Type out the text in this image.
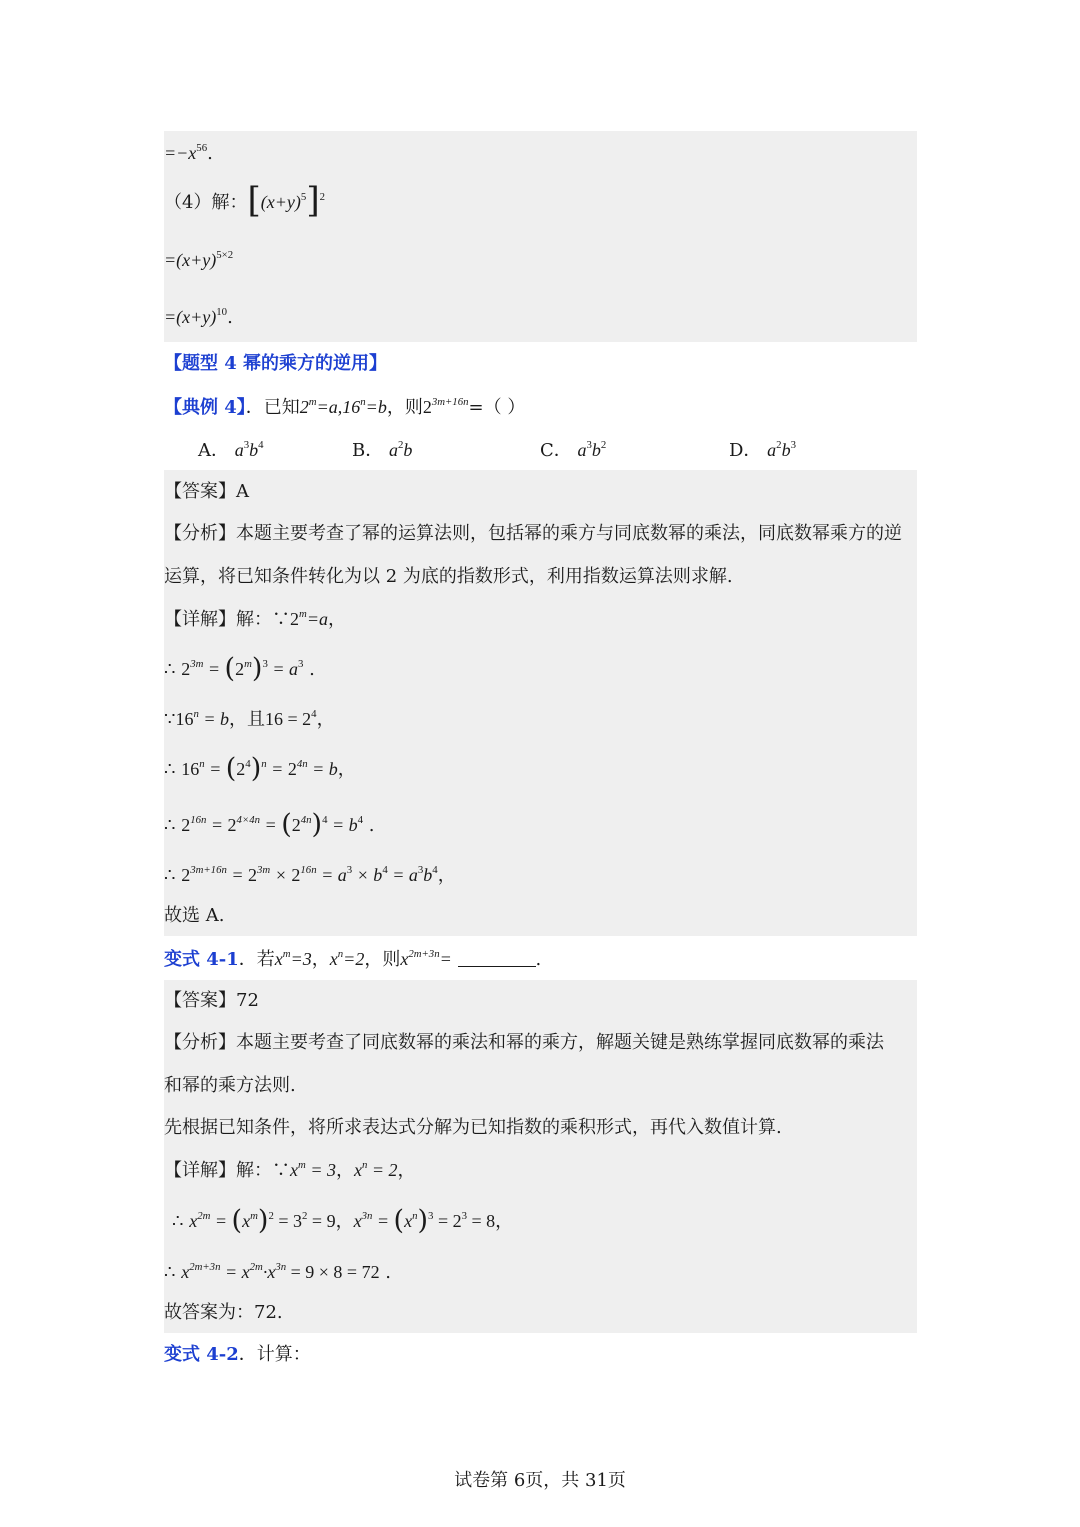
$=-x^{56}$.
（4）解：$[(x+y)^5]^2$
$=(x+y)^{5\times 2}$
$=(x+y)^{10}$.
【题型 4 幂的乘方的逆用】
【典例 4】．已知$2^m=a,16^n=b$，则$2^{3m+16n}=$（ ）
A． $a^3b^4$	B． $a^2b$	C． $a^3b^2$	D． $a^2b^3$
【答案】A
【分析】本题主要考查了幂的运算法则，包括幂的乘方与同底数幂的乘法，同底数幂乘方的逆
运算，将已知条件转化为以 2 为底的指数形式，利用指数运算法则求解.
【详解】解：$\because 2^m=a$，
∴ $2^{3m} = (2^m)^3 = a^3$ .
$\because 16^n = b$，且$16 = 2^4$，
∴ $16^n = (2^4)^n = 2^{4n} = b$，
∴ $2^{16n} = 2^{4\times 4n} = (2^{4n})^4 = b^4$ .
∴ $2^{3m+16n} = 2^{3m} \times 2^{16n} = a^3 \times b^4 = a^3b^4$，
故选 A.
变式 4-1．若$x^m=3$，$x^n=2$，则$x^{2m+3n}=$	.
【答案】72
【分析】本题主要考查了同底数幂的乘法和幂的乘方，解题关键是熟练掌握同底数幂的乘法
和幂的乘方法则.
先根据已知条件，将所求表达式分解为已知指数的乘积形式，再代入数值计算.
【详解】解：$\because x^m = 3$，$x^n = 2$，
∴ $x^{2m} = (x^m)^2 = 3^2 = 9$，$x^{3n} = (x^n)^3 = 2^3 = 8$，
∴ $x^{2m+3n} = x^{2m}\cdot x^{3n} = 9 \times 8 = 72$ .
故答案为：72.
变式 4-2．计算：
试卷第 6页，共 31页
